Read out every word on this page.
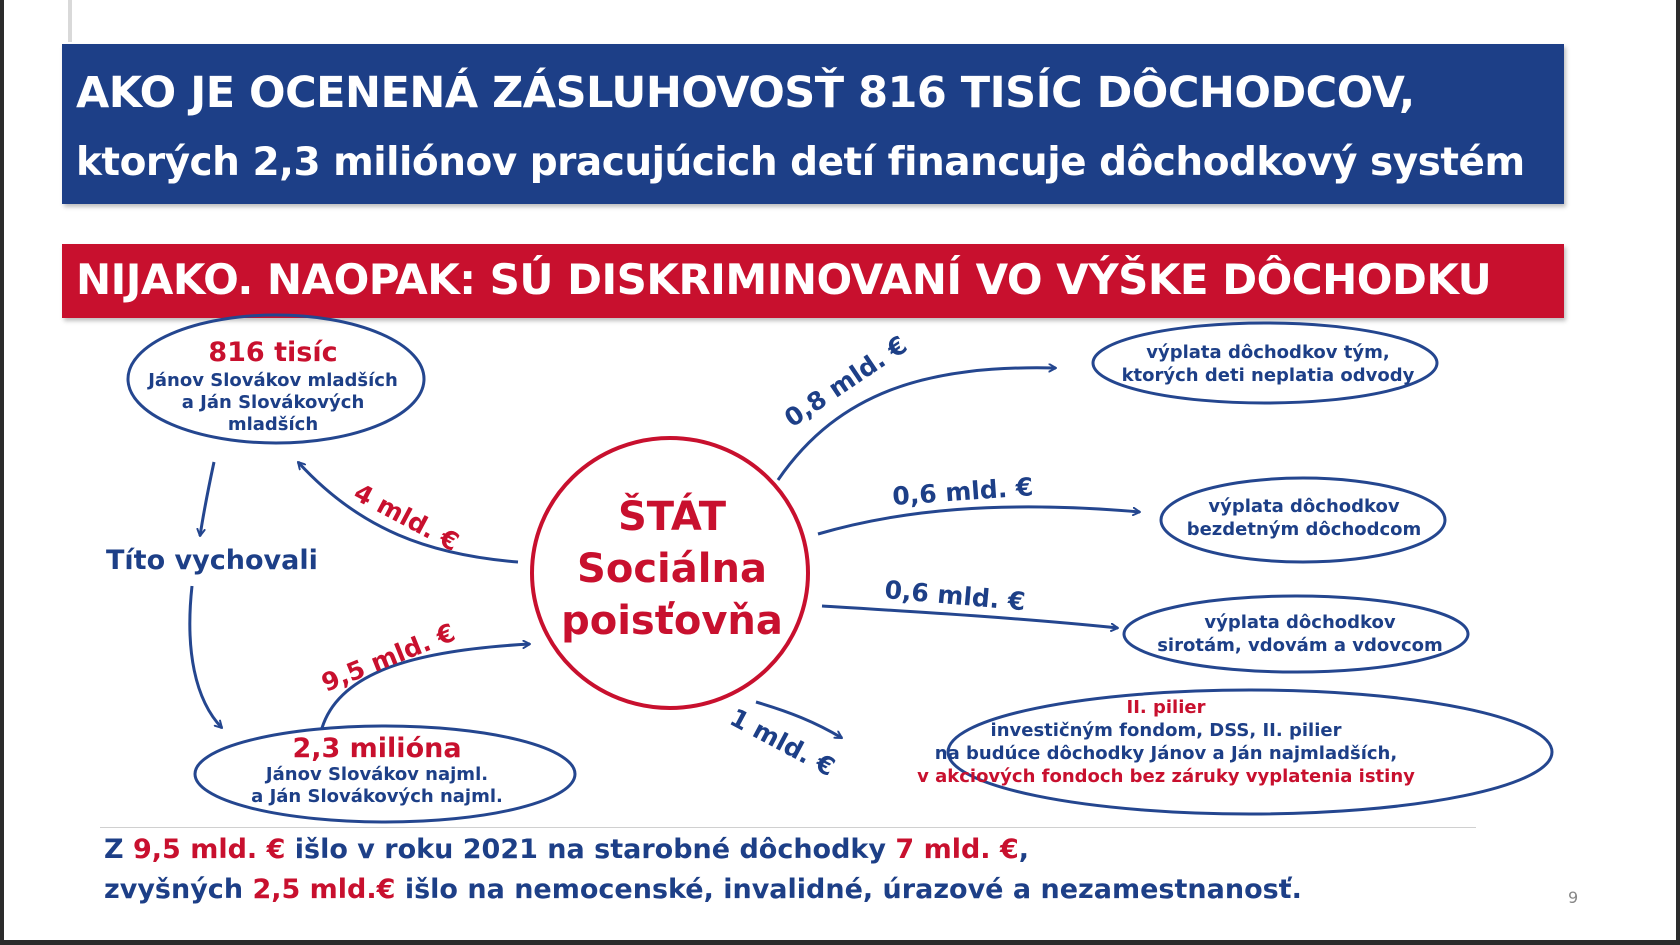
AKO JE OCENENÁ ZÁSLUHOVOSŤ 816 TISÍC DÔCHODCOV,
ktorých 2,3 miliónov pracujúcich detí financuje dôchodkový systém
NIJAKO. NAOPAK: SÚ DISKRIMINOVANÍ VO VÝŠKE DÔCHODKU
816 tisíc
Jánov Slovákov mladších
a Ján Slovákových
mladších
Títo vychovali
2,3 milióna
Jánov Slovákov najml.
a Ján Slovákových najml.
ŠTÁT
Sociálna
poisťovňa
výplata dôchodkov tým,
ktorých deti neplatia odvody
výplata dôchodkov
bezdetným dôchodcom
výplata dôchodkov
sirotám, vdovám a vdovcom
II. pilier
investičným fondom, DSS, II. pilier
na budúce dôchodky Jánov a Ján najmladších,
v akciových fondoch bez záruky vyplatenia istiny
4 mld. €
9,5 mld. €
0,8 mld. €
0,6 mld. €
0,6 mld. €
1 mld. €
Z 9,5 mld. € išlo v roku 2021 na starobné dôchodky 7 mld. €,
zvyšných 2,5 mld.€ išlo na nemocenské, invalidné, úrazové a nezamestnanosť.	9
